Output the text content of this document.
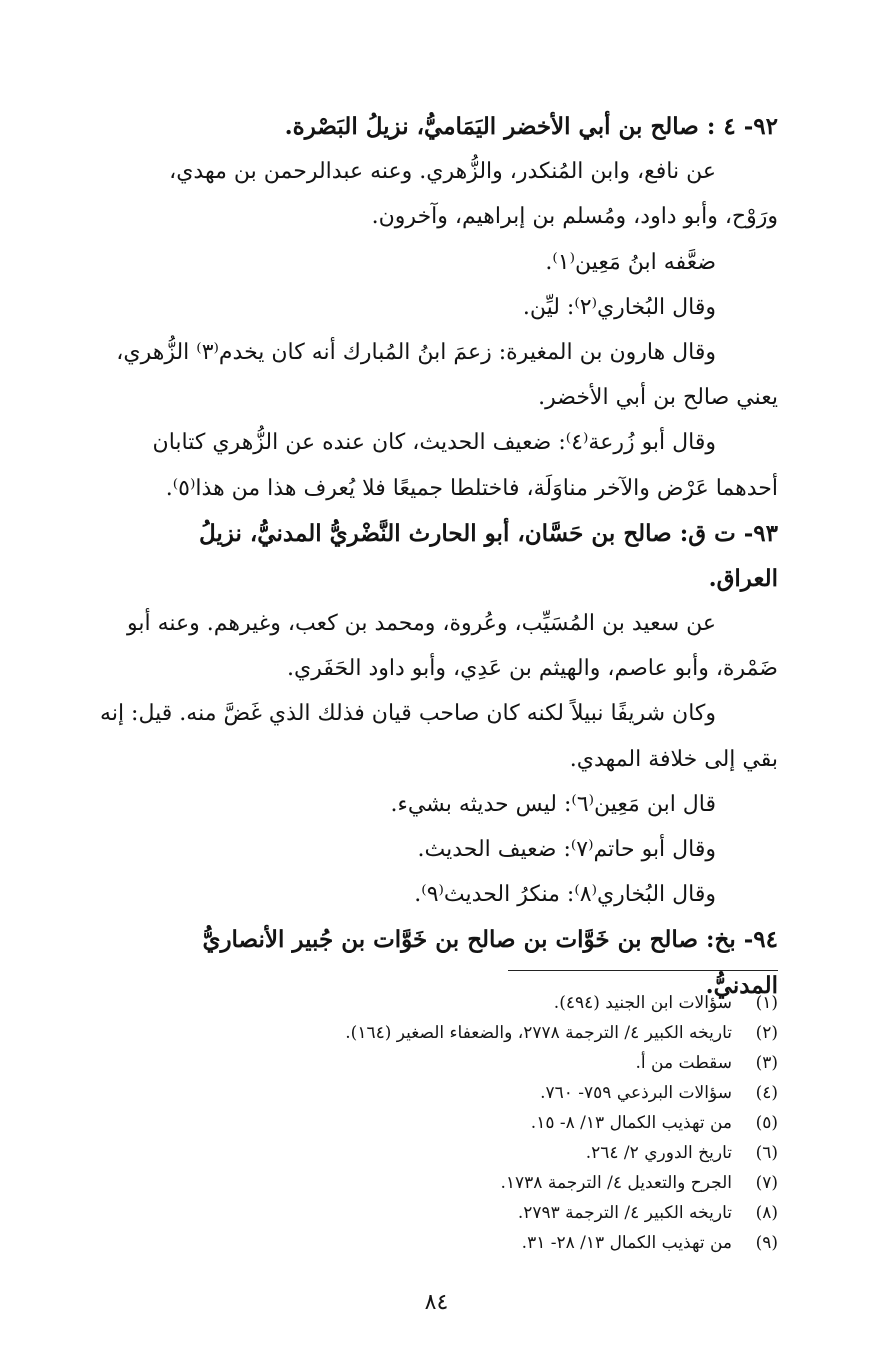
٩٢- ٤ : صالح بن أبي الأخضر اليَمَاميُّ، نزيلُ البَصْرة.
عن نافع، وابن المُنكدر، والزُّهري. وعنه عبدالرحمن بن مهدي،
ورَوْح، وأبو داود، ومُسلم بن إبراهيم، وآخرون.
ضعَّفه ابنُ مَعِين⁽١⁾.
وقال البُخاري⁽٢⁾: ليِّن.
وقال هارون بن المغيرة: زعمَ ابنُ المُبارك أنه كان يخدم⁽٣⁾ الزُّهري،
يعني صالح بن أبي الأخضر.
وقال أبو زُرعة⁽٤⁾: ضعيف الحديث، كان عنده عن الزُّهري كتابان
أحدهما عَرْض والآخر مناوَلَة، فاختلطا جميعًا فلا يُعرف هذا من هذا⁽٥⁾.
٩٣- ت ق: صالح بن حَسَّان، أبو الحارث النَّضْريُّ المدنيُّ، نزيلُ
العراق.
عن سعيد بن المُسَيِّب، وعُروة، ومحمد بن كعب، وغيرهم. وعنه أبو
ضَمْرة، وأبو عاصم، والهيثم بن عَدِي، وأبو داود الحَفَري.
وكان شريفًا نبيلاً لكنه كان صاحب قيان فذلك الذي غَضَّ منه. قيل: إنه
بقي إلى خلافة المهدي.
قال ابن مَعِين⁽٦⁾: ليس حديثه بشيء.
وقال أبو حاتم⁽٧⁾: ضعيف الحديث.
وقال البُخاري⁽٨⁾: منكرُ الحديث⁽٩⁾.
٩٤- بخ: صالح بن خَوَّات بن صالح بن خَوَّات بن جُبير الأنصاريُّ
المدنيُّ.
(١)سؤالات ابن الجنيد (٤٩٤).
(٢)تاريخه الكبير ٤/ الترجمة ٢٧٧٨، والضعفاء الصغير (١٦٤).
(٣)سقطت من أ.
(٤)سؤالات البرذعي ٧٥٩- ٧٦٠.
(٥)من تهذيب الكمال ١٣/ ٨- ١٥.
(٦)تاريخ الدوري ٢/ ٢٦٤.
(٧)الجرح والتعديل ٤/ الترجمة ١٧٣٨.
(٨)تاريخه الكبير ٤/ الترجمة ٢٧٩٣.
(٩)من تهذيب الكمال ١٣/ ٢٨- ٣١.
٨٤
